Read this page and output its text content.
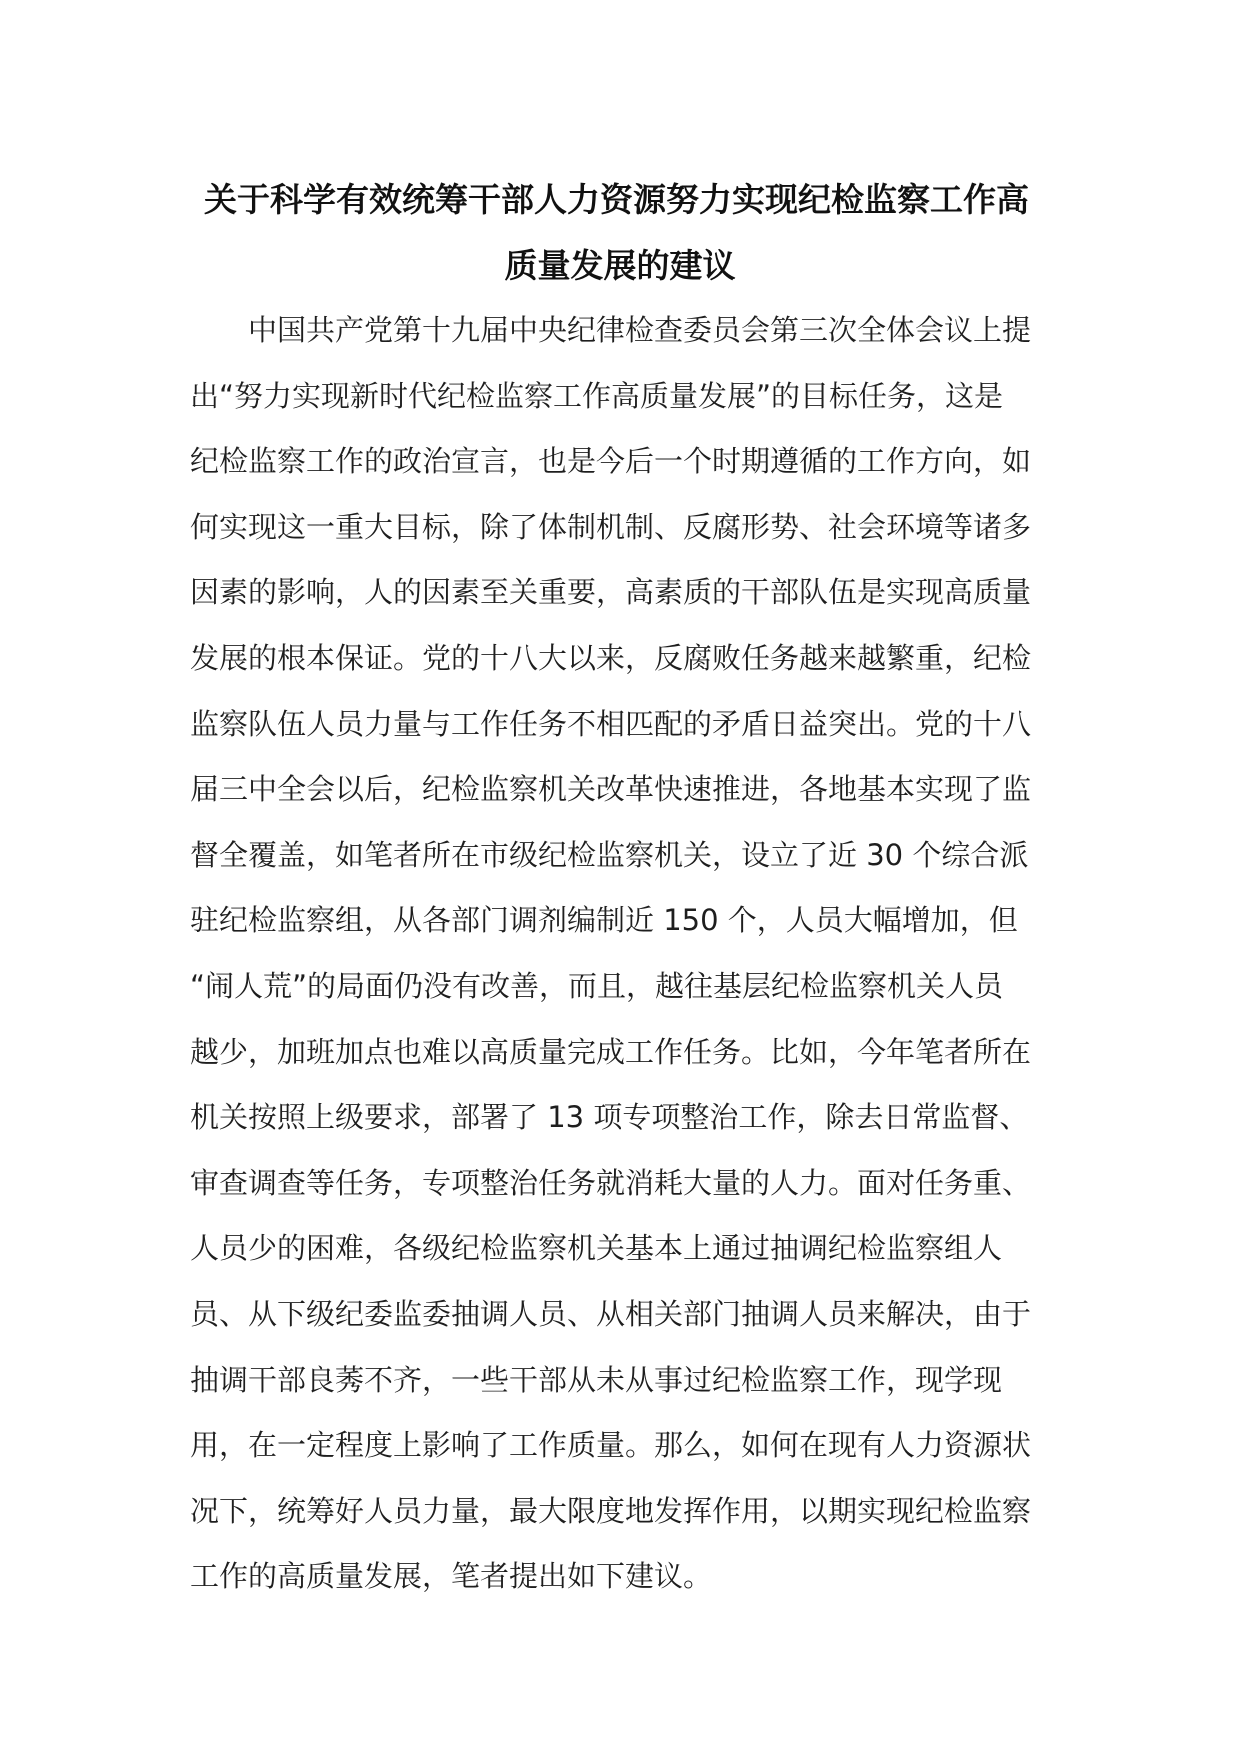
关于科学有效统筹干部人力资源努力实现纪检监察工作高
质量发展的建议
　　中国共产党第十九届中央纪律检查委员会第三次全体会议上提
出“努力实现新时代纪检监察工作高质量发展”的目标任务，这是
纪检监察工作的政治宣言，也是今后一个时期遵循的工作方向，如
何实现这一重大目标，除了体制机制、反腐形势、社会环境等诸多
因素的影响，人的因素至关重要，高素质的干部队伍是实现高质量
发展的根本保证。党的十八大以来，反腐败任务越来越繁重，纪检
监察队伍人员力量与工作任务不相匹配的矛盾日益突出。党的十八
届三中全会以后，纪检监察机关改革快速推进，各地基本实现了监
督全覆盖，如笔者所在市级纪检监察机关，设立了近 30 个综合派
驻纪检监察组，从各部门调剂编制近 150 个，人员大幅增加，但
“闹人荒”的局面仍没有改善，而且，越往基层纪检监察机关人员
越少，加班加点也难以高质量完成工作任务。比如，今年笔者所在
机关按照上级要求，部署了 13 项专项整治工作，除去日常监督、
审查调查等任务，专项整治任务就消耗大量的人力。面对任务重、
人员少的困难，各级纪检监察机关基本上通过抽调纪检监察组人
员、从下级纪委监委抽调人员、从相关部门抽调人员来解决，由于
抽调干部良莠不齐，一些干部从未从事过纪检监察工作，现学现
用，在一定程度上影响了工作质量。那么，如何在现有人力资源状
况下，统筹好人员力量，最大限度地发挥作用，以期实现纪检监察
工作的高质量发展，笔者提出如下建议。
